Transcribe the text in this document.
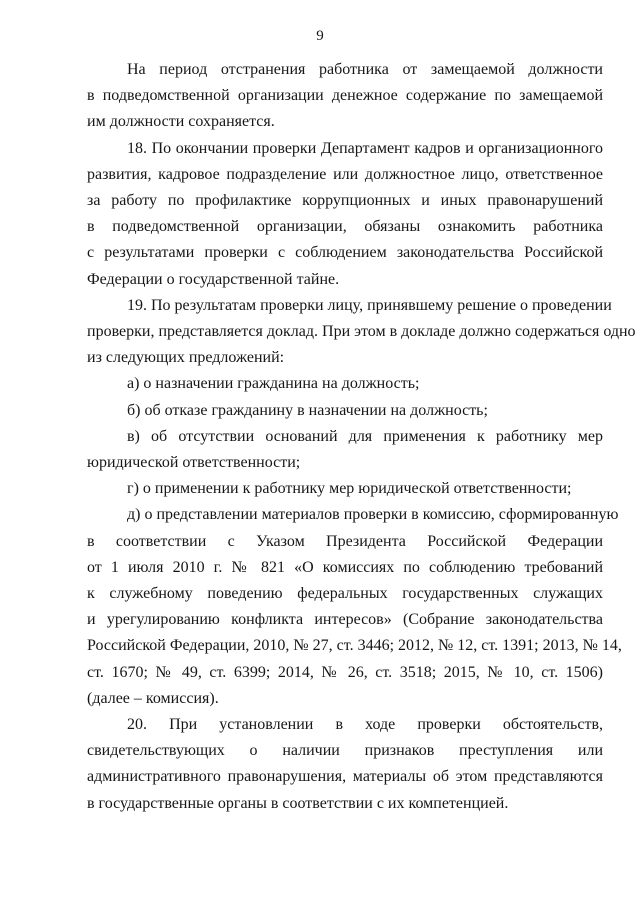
9
На период отстранения работника от замещаемой должности
в подведомственной организации денежное содержание по замещаемой
им должности сохраняется.
18. По окончании проверки Департамент кадров и организационного
развития, кадровое подразделение или должностное лицо, ответственное
за работу по профилактике коррупционных и иных правонарушений
в подведомственной организации, обязаны ознакомить работника
с результатами проверки с соблюдением законодательства Российской
Федерации о государственной тайне.
19. По результатам проверки лицу, принявшему решение о проведении
проверки, представляется доклад. При этом в докладе должно содержаться одно
из следующих предложений:
а) о назначении гражданина на должность;
б) об отказе гражданину в назначении на должность;
в) об отсутствии оснований для применения к работнику мер
юридической ответственности;
г) о применении к работнику мер юридической ответственности;
д) о представлении материалов проверки в комиссию, сформированную
в соответствии с Указом Президента Российской Федерации
от 1 июля 2010 г. № 821 «О комиссиях по соблюдению требований
к служебному поведению федеральных государственных служащих
и урегулированию конфликта интересов» (Собрание законодательства
Российской Федерации, 2010, № 27, ст. 3446; 2012, № 12, ст. 1391; 2013, № 14,
ст. 1670; № 49, ст. 6399; 2014, № 26, ст. 3518; 2015, № 10, ст. 1506)
(далее – комиссия).
20. При установлении в ходе проверки обстоятельств,
свидетельствующих о наличии признаков преступления или
административного правонарушения, материалы об этом представляются
в государственные органы в соответствии с их компетенцией.
